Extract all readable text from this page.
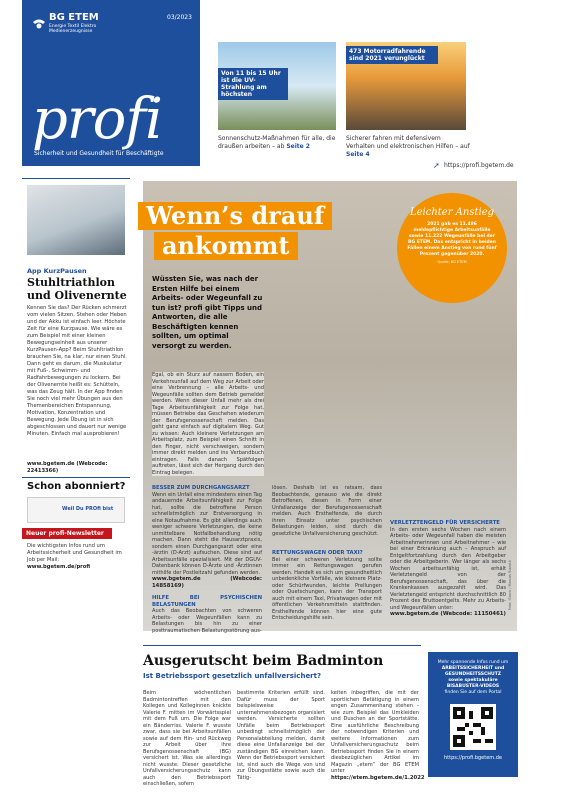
BG ETEM
Energie Textil Elektro
Medienerzeugnisse
03/2023
profi
Sicherheit und Gesundheit für Beschäftigte
Von 11 bis 15 Uhr ist die UV-Strahlung am höchsten
Sonnenschutz-Maßnahmen für alle, die draußen arbeiten – ab Seite 2
473 Motorradfahrende sind 2021 verunglückt
Sicherer fahren mit defensivem Verhalten und elektronischen Hilfen – auf Seite 4
➚ https://profi.bgetem.de
App KurzPausen
Stuhltriathlon und Olivenernte
Kennen Sie das? Der Rücken schmerzt vom vielen Sitzen, Stehen oder Heben und der Akku ist einfach leer. Höchste Zeit für eine Kurzpause. Wie wäre es zum Beispiel mit einer kleinen Bewegungseinheit aus unserer KurzPausen-App? Beim Stuhltriathlon brauchen Sie, na klar, nur einen Stuhl. Dann geht es darum, die Muskulatur mit Fuß-, Schwimm- und Radfahrbewegungen zu lockern. Bei der Olivenernte heißt es: Schütteln, was das Zeug hält. In der App finden Sie noch viel mehr Übungen aus den Themenbereichen Entspannung, Motivation, Konzentration und Bewegung. Jede Übung ist in sich abgeschlossen und dauert nur wenige Minuten. Einfach mal ausprobieren!
www.bgetem.de (Webcode: 22413366)
Schon abonniert?
Weil Du PROfi bist
Neuer profi-Newsletter
Die wichtigsten Infos rund um Arbeitssicherheit und Gesundheit im Job per Mail:
www.bgetem.de/profi
Wenn’s drauf
ankommt
Leichter Anstieg
2021 gab es 11.486 meldepflichtige Arbeitsunfälle sowie 11.222 Wegeunfälle bei der BG ETEM. Das entspricht in beiden Fällen einem Anstieg von rund fünf Prozent gegenüber 2020.
Quelle: BG ETEM
Wüssten Sie, was nach der Ersten Hilfe bei einem Arbeits- oder Wegeunfall zu tun ist? profi gibt Tipps und Antworten, die alle Beschäftigten kennen sollten, um optimal versorgt zu werden.
Egal, ob ein Sturz auf nassem Boden, ein Verkehrsunfall auf dem Weg zur Arbeit oder eine Verbrennung – alle Arbeits- und Wegeunfälle sollten dem Betrieb gemeldet werden. Wenn dieser Unfall mehr als drei Tage Arbeitsunfähigkeit zur Folge hat, müssen Betriebe das Geschehen wiederum der Berufsgenossenschaft melden. Das geht ganz einfach auf digitalem Weg. Gut zu wissen: Auch kleinere Verletzungen am Arbeitsplatz, zum Beispiel einen Schnitt in den Finger, nicht verschweigen, sondern immer direkt melden und ins Verbandbuch eintragen. Falls danach Spätfolgen auftreten, lässt sich der Hergang durch den Eintrag belegen.
BESSER ZUM DURCHGANGSARZT
Wenn ein Unfall eine mindestens einen Tag andauernde Arbeitsunfähigkeit zur Folge hat, sollte die betroffene Person schnellstmöglich zur Erstversorgung in eine Notaufnahme. Es gibt allerdings auch weniger schwere Verletzungen, die keine unmittelbare Notfallbehandlung nötig machen. Dann steht die Hausarztpraxis, sondern einen Durchgangsarzt oder eine -ärztin (D-Arzt) aufsuchen. Diese sind auf Arbeitsunfälle spezialisiert. Mit der DGUV-Datenbank können D-Ärzte und -Ärztinnen mithilfe der Postleitzahl gefunden werden.
www.bgetem.de (Webcode: 14858169)
HILFE BEI PSYCHISCHEN BELASTUNGEN
Auch das Beobachten von schweren Arbeits- oder Wegeunfällen kann zu Belastungen bis hin zu einer posttraumatischen Belastungsstörung aus-
lösen. Deshalb ist es ratsam, dass Beobachtende, genauso wie die direkt Betroffenen, diesen in Form einer Unfallanzeige der Berufsgenossenschaft melden. Auch Ersthelfende, die durch ihren Einsatz unter psychischen Belastungen leiden, sind durch die gesetzliche Unfallversicherung geschützt.
RETTUNGSWAGEN ODER TAXI?
Bei einer schweren Verletzung sollte immer ein Rettungswagen gerufen werden. Handelt es sich um gesundheitlich unbedenkliche Vorfälle, wie kleinere Platz- oder Schürfwunden, leichte Prellungen oder Quetschungen, kann der Transport auch mit einem Taxi, Privatwagen oder mit öffentlichen Verkehrsmitteln stattfinden. Ersthelfende können hier eine gute Entscheidungshilfe sein.
VERLETZTENGELD FÜR VERSICHERTE
In den ersten sechs Wochen nach einem Arbeits- oder Wegeunfall haben die meisten Arbeitnehmerinnen und Arbeitnehmer – wie bei einer Erkrankung auch – Anspruch auf Entgeltfortzahlung durch den Arbeitgeber oder die Arbeitgeberin. Wer länger als sechs Wochen arbeitsunfähig ist, erhält Verletztengeld von der Berufsgenossenschaft, das über die Krankenkassen ausgezahlt wird. Das Verletztengeld entspricht durchschnittlich 80 Prozent des Bruttoentgelts. Mehr zu Arbeits- und Wegeunfällen unter:
www.bgetem.de (Webcode: 11150461)
Foto: iStock / Marcos Rizzotti
Ausgerutscht beim Badminton
Ist Betriebssport gesetzlich unfallversichert?
Beim wöchentlichen Badmintontreffen mit den Kollegen und Kolleginnen knickte Valerie F. mitten im Vorwärtsspiel mit dem Fuß um. Die Folge war ein Bänderriss. Valerie F. wusste zwar, dass sie bei Arbeitsunfällen sowie auf dem Hin- und Rückweg zur Arbeit über ihre Berufsgenossenschaft (BG) versichert ist. Was sie allerdings nicht wusste: Dieser gesetzliche Unfallversicherungsschutz kann auch den Betriebssport einschließen, sofern
bestimmte Kriterien erfüllt sind. Dafür muss der Sport beispielsweise unternehmensbezogen organisiert werden. Versicherte sollten Unfälle beim Betriebssport unbedingt schnellstmöglich der Personalabteilung melden, damit diese eine Unfallanzeige bei der zuständigen BG einreichen kann. Wenn der Betriebssport versichert ist, sind auch die Wege von und zur Übungsstätte sowie auch die Tätig-
keiten inbegriffen, die mit der sportlichen Betätigung in einem engen Zusammenhang stehen – wie zum Beispiel das Umkleiden und Duschen an der Sportstätte. Eine ausführliche Beschreibung der notwendigen Kriterien und weitere Informationen zum Unfallversicherungsschutz beim Betriebssport finden Sie in einem diesbezüglichen Artikel im Magazin „etem“ der BG ETEM unter https://etem.bgetem.de/1.2022
Mehr spannende Infos rund um
ARBEITSSICHERHEIT und GESUNDHEITSSCHUTZ
sowie spektakuläre BISABUSTER-VIDEOS
finden Sie auf dem Portal
https://profi.bgetem.de
